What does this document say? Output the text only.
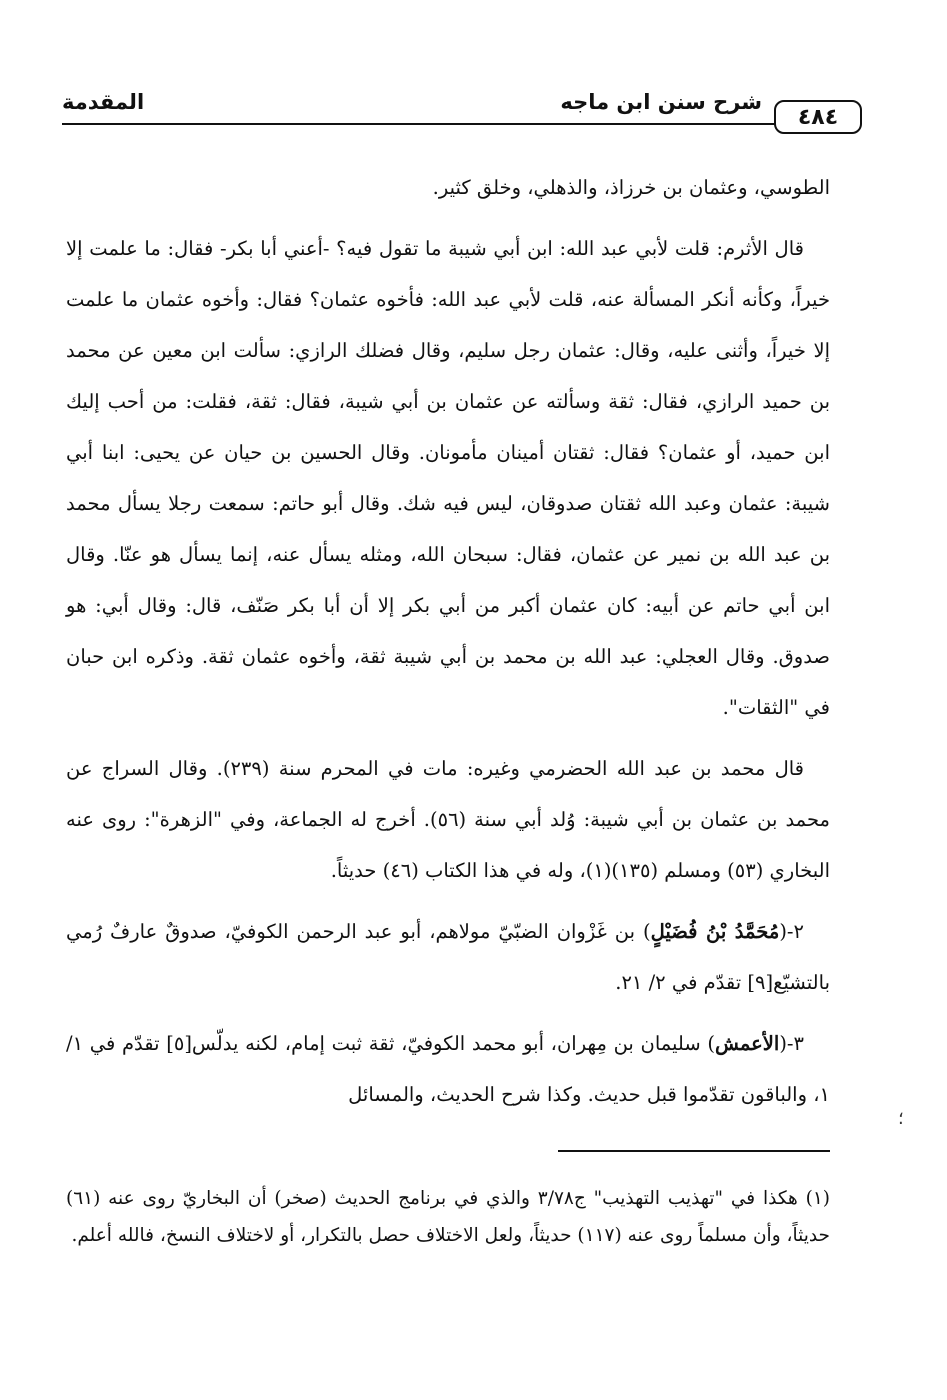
٤٨٤
شرح سنن ابن ماجه
المقدمة

الطوسي، وعثمان بن خرزاذ، والذهلي، وخلق كثير.

قال الأثرم: قلت لأبي عبد الله: ابن أبي شيبة ما تقول فيه؟ -أعني أبا بكر- فقال: ما علمت إلا خيراً، وكأنه أنكر المسألة عنه، قلت لأبي عبد الله: فأخوه عثمان؟ فقال: وأخوه عثمان ما علمت إلا خيراً، وأثنى عليه، وقال: عثمان رجل سليم، وقال فضلك الرازي: سألت ابن معين عن محمد بن حميد الرازي، فقال: ثقة وسألته عن عثمان بن أبي شيبة، فقال: ثقة، فقلت: من أحب إليك ابن حميد، أو عثمان؟ فقال: ثقتان أمينان مأمونان. وقال الحسين بن حيان عن يحيى: ابنا أبي شيبة: عثمان وعبد الله ثقتان صدوقان، ليس فيه شك. وقال أبو حاتم: سمعت رجلا يسأل محمد بن عبد الله بن نمير عن عثمان، فقال: سبحان الله، ومثله يسأل عنه، إنما يسأل هو عنّا. وقال ابن أبي حاتم عن أبيه: كان عثمان أكبر من أبي بكر إلا أن أبا بكر صَنّف، قال: وقال أبي: هو صدوق. وقال العجلي: عبد الله بن محمد بن أبي شيبة ثقة، وأخوه عثمان ثقة. وذكره ابن حبان في "الثقات".

قال محمد بن عبد الله الحضرمي وغيره: مات في المحرم سنة (٢٣٩). وقال السراج عن محمد بن عثمان بن أبي شيبة: وُلد أبي سنة (٥٦). أخرج له الجماعة، وفي "الزهرة": روى عنه البخاري (٥٣) ومسلم (١٣٥)(١)، وله في هذا الكتاب (٤٦) حديثاً.

٢-(مُحَمَّدُ بْنُ فُضَيْلٍ) بن غَزْوان الضبّيّ مولاهم، أبو عبد الرحمن الكوفيّ، صدوقٌ عارفٌ رُمي بالتشيّع[٩] تقدّم في ٢/ ٢١.

٣-(الأعمش) سليمان بن مِهران، أبو محمد الكوفيّ، ثقة ثبت إمام، لكنه يدلّس[٥] تقدّم في ١/ ١، والباقون تقدّموا قبل حديث. وكذا شرح الحديث، والمسائل

؛

(١) هكذا في "تهذيب التهذيب" ج٣/٧٨ والذي في برنامج الحديث (صخر) أن البخاريّ روى عنه (٦١) حديثاً، وأن مسلماً روى عنه (١١٧) حديثاً، ولعل الاختلاف حصل بالتكرار، أو لاختلاف النسخ، فالله أعلم.
